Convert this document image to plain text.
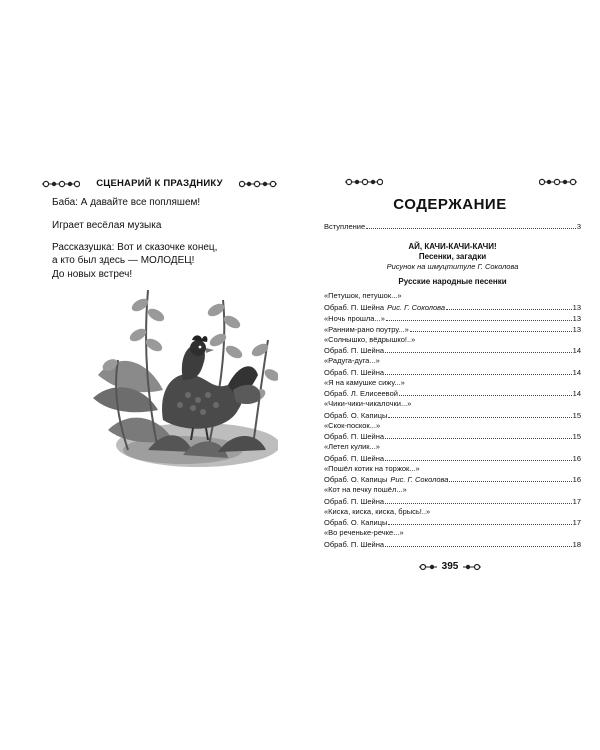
СЦЕНАРИЙ К ПРАЗДНИКУ
Баба: А давайте все попляшем!
Играет весёлая музыка
Рассказушка: Вот и сказочке конец,
а кто был здесь — МОЛОДЕЦ!
До новых встреч!
СОДЕРЖАНИЕ
Вступление	3
АЙ, КАЧИ-КАЧИ-КАЧИ!
Песенки, загадки
Рисунок на шмуцтитуле Г. Соколова
Русские народные песенки
«Петушок, петушок...»
Обраб. П. Шейна Рис. Г. Соколова	13
«Ночь прошла...»	13
«Ранним-рано поутру...»	13
«Солнышко, вёдрышко!..»
Обраб. П. Шейна	14
«Радуга-дуга...»
Обраб. П. Шейна	14
«Я на камушке сижу...»
Обраб. Л. Елисеевой	14
«Чики-чики-чикалочки...»
Обраб. О. Капицы	15
«Скок-поскок...»
Обраб. П. Шейна	15
«Летел кулик...»
Обраб. П. Шейна	16
«Пошёл котик на торжок...»
Обраб. О. Капицы Рис. Г. Соколова	16
«Кот на печку пошёл...»
Обраб. П. Шейна	17
«Киска, киска, киска, брысь!..»
Обраб. О. Капицы	17
«Во реченьке-речке...»
Обраб. П. Шейна	18
395
